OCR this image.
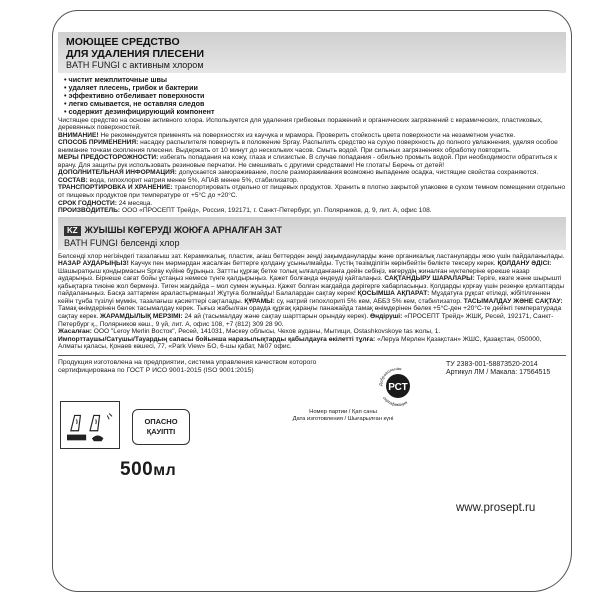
МОЮЩЕЕ СРЕДСТВО
ДЛЯ УДАЛЕНИЯ ПЛЕСЕНИ

BATH FUNGI с активным хлором

• чистит межплиточные швы
• удаляет плесень, грибок и бактерии
• эффективно отбеливает поверхности
• легко смывается, не оставляя следов
• содержит дезинфицирующий компонент

Чистящее средство на основе активного хлора. Используется для удаления грибковых поражений и органических загрязнений с керамических, пластиковых, деревянных поверхностей.

ВНИМАНИЕ! Не рекомендуется применять на поверхностях из каучука и мрамора. Проверить стойкость цвета поверхности на незаметном участке.

СПОСОБ ПРИМЕНЕНИЯ: насадку распылителя повернуть в положение Spray. Распылить средство на сухую поверхность до полного увлажнения, уделяя особое внимание точкам скопления плесени. Выдержать от 10 минут до нескольких часов. Смыть водой. При сильных загрязнениях обработку повторить.

МЕРЫ ПРЕДОСТОРОЖНОСТИ: избегать попадания на кожу, глаза и слизистые. В случае попадания - обильно промыть водой. При необходимости обратиться к врачу. Для защиты рук использовать резиновые перчатки. Не смешивать с другими средствами! Не глотать! Беречь от детей!

ДОПОЛНИТЕЛЬНАЯ ИНФОРМАЦИЯ: допускается замораживание, после размораживания возможно выпадение осадка, чистящие свойства сохраняются.

СОСТАВ: вода, гипохлорит натрия менее 5%, АПАВ менее 5%, стабилизатор.

ТРАНСПОРТИРОВКА И ХРАНЕНИЕ: транспортировать отдельно от пищевых продуктов. Хранить в плотно закрытой упаковке в сухом темном помещении отдельно от пищевых продуктов при температуре от +5°С до +20°С.

СРОК ГОДНОСТИ: 24 месяца.

ПРОИЗВОДИТЕЛЬ: ООО «ПРОСЕПТ Трейд», Россия, 192171, г. Санкт-Петербург, ул. Полярников, д. 9, лит. А, офис 108.

KZ ЖУЫШЫ КӨГЕРУДІ ЖОЮҒА АРНАЛҒАН ЗАТ

BATH FUNGI белсенді хлор

Белсенді хлор негізіндегі тазалағыш зат. Керамикалық, пластик, ағаш беттерден зеңді зақымдануларды және органикалық ластануларды жою үшін пайдаланылады. НАЗАР АУДАРЫҢЫЗ! Каучук пен мәрмәрдан жасалған беттерге қолдану ұсынылмайды. Түстің төзімділігін көрінбейтін бөлікте тексеру керек. ҚОЛДАНУ ӘДІСІ: Шашыратқыш қондырмасын Spray күйіне бұрыңыз. Заттты құрғақ бетке толық ылғалданғанға дейін себіңіз, көгерудің жиналған нүктелеріне ерекше назар аударыңыз. Бірнеше сағат бойы ұстаңыз немесе түнге қалдырыңыз. Қажет болғанда өндеуді қайталаңыз. САҚТАНДЫРУ ШАРАЛАРЫ: Теріге, көзге және шырышті қабықтарға тиюіне жол бермеңіз. Тиген жағдайда – мол сумен жуыңыз. Қажет болған жағдайда дәрігерге хабарласыңыз. Қолдарды қорғау үшін резеңке қолғаптарды пайдаланыңыз. Басқа заттармен араластырмаңыз! Жұтуға болмайды! Балалардан сақтау керек! ҚОСЫМША АҚПАРАТ: Мұздатуға рұқсат етіледі, жібітілгеннен кейін тұнба түзілуі мүмкін, тазалағыш қасиеттері сақталады. ҚҰРАМЫ: су, натрий гипохлориті 5% кем, АББЗ 5% кем, стабилизатор. ТАСЫМАЛДАУ ЖӘНЕ САҚТАУ: Тамақ өнімдерінен бөлек тасымалдау керек. Тығыз жабылған орауда құрғақ қараңғы панажайда тамақ өнімдерінен бөлек +5°С-ден +20°С-те дейінгі температурада сақтау керек. ЖАРАМДЫЛЫҚ МЕРЗІМІ: 24 ай (тасымалдау және сақтау шарттарын орындау керек). Өндіруші: «ПРОСЕПТ Трейд» ЖШҚ, Ресей, 192171, Санкт-Петербург қ., Полярников көш., 9 үй, лит. А, офис 108, +7 (812) 309 28 90.

Жасалған: ООО "Leroy Merlin Восток", Ресей, 141031, Мәскеу облысы, Чехов ауданы, Мытищи, Ostashkovskoye tas жолы, 1.

Импорттаушы/Сатушы/Тауардың сапасы бойынша наразылықтарды қабылдауға өкілетті тұлға: «Леруа Мерлен Қазақстан» ЖШС, Қазақстан, 050000, Алматы қаласы, Қонаев көшесі, 77, «Park View» БО, 6-шы қабат, №07 офис.

Продукция изготовлена на предприятии, система управления качеством которого сертифицирована по ГОСТ Р ИСО 9001-2015 (ISO 9001:2015)
РСТ
Добровольная
сертификация
ТУ 2383-001-58873520-2014
Артикул ЛМ / Макала: 17564515
ОПАСНО
ҚАУІПТІ
Номер партии / Қап саны
Дата изготовления / Шығарылған күні
500мл
www.prosept.ru
